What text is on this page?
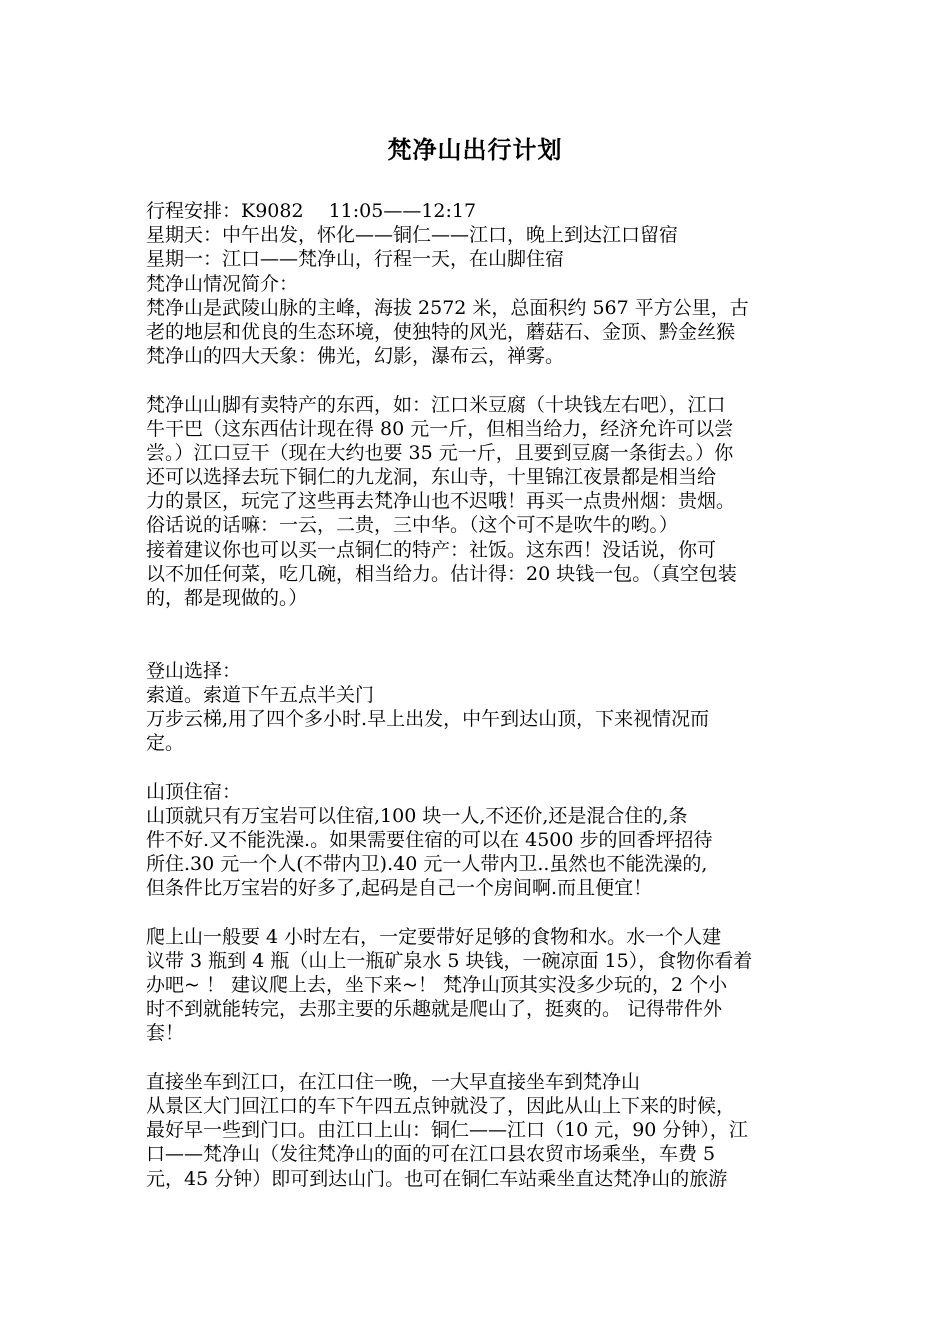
梵净山出行计划
行程安排：K9082　 11:05——12:17
星期天：中午出发，怀化——铜仁——江口，晚上到达江口留宿
星期一：江口——梵净山，行程一天，在山脚住宿
梵净山情况简介：
梵净山是武陵山脉的主峰，海拔 2572 米，总面积约 567 平方公里，古
老的地层和优良的生态环境，使独特的风光，蘑菇石、金顶、黔金丝猴
梵净山的四大天象：佛光，幻影，瀑布云，禅雾。
梵净山山脚有卖特产的东西，如：江口米豆腐（十块钱左右吧），江口
牛干巴（这东西估计现在得 80 元一斤，但相当给力，经济允许可以尝
尝。）江口豆干（现在大约也要 35 元一斤，且要到豆腐一条街去。）你
还可以选择去玩下铜仁的九龙洞，东山寺，十里锦江夜景都是相当给
力的景区，玩完了这些再去梵净山也不迟哦！再买一点贵州烟：贵烟。
俗话说的话嘛：一云，二贵，三中华。（这个可不是吹牛的哟。）
接着建议你也可以买一点铜仁的特产：社饭。这东西！没话说，你可
以不加任何菜，吃几碗，相当给力。估计得：20 块钱一包。（真空包装
的，都是现做的。）
登山选择：
索道。索道下午五点半关门
万步云梯,用了四个多小时.早上出发，中午到达山顶，下来视情况而
定。
山顶住宿：
山顶就只有万宝岩可以住宿,100 块一人,不还价,还是混合住的,条
件不好.又不能洗澡.。如果需要住宿的可以在 4500 步的回香坪招待
所住.30 元一个人(不带内卫).40 元一人带内卫..虽然也不能洗澡的,
但条件比万宝岩的好多了,起码是自己一个房间啊.而且便宜！
爬上山一般要 4 小时左右，一定要带好足够的食物和水。水一个人建
议带 3 瓶到 4 瓶（山上一瓶矿泉水 5 块钱，一碗凉面 15），食物你看着
办吧~ ！ 建议爬上去，坐下来~！ 梵净山顶其实没多少玩的，2 个小
时不到就能转完，去那主要的乐趣就是爬山了，挺爽的。 记得带件外
套！
直接坐车到江口，在江口住一晚，一大早直接坐车到梵净山
从景区大门回江口的车下午四五点钟就没了，因此从山上下来的时候，
最好早一些到门口。由江口上山：铜仁——江口（10 元，90 分钟），江
口——梵净山（发往梵净山的面的可在江口县农贸市场乘坐，车费 5
元，45 分钟）即可到达山门。也可在铜仁车站乘坐直达梵净山的旅游
